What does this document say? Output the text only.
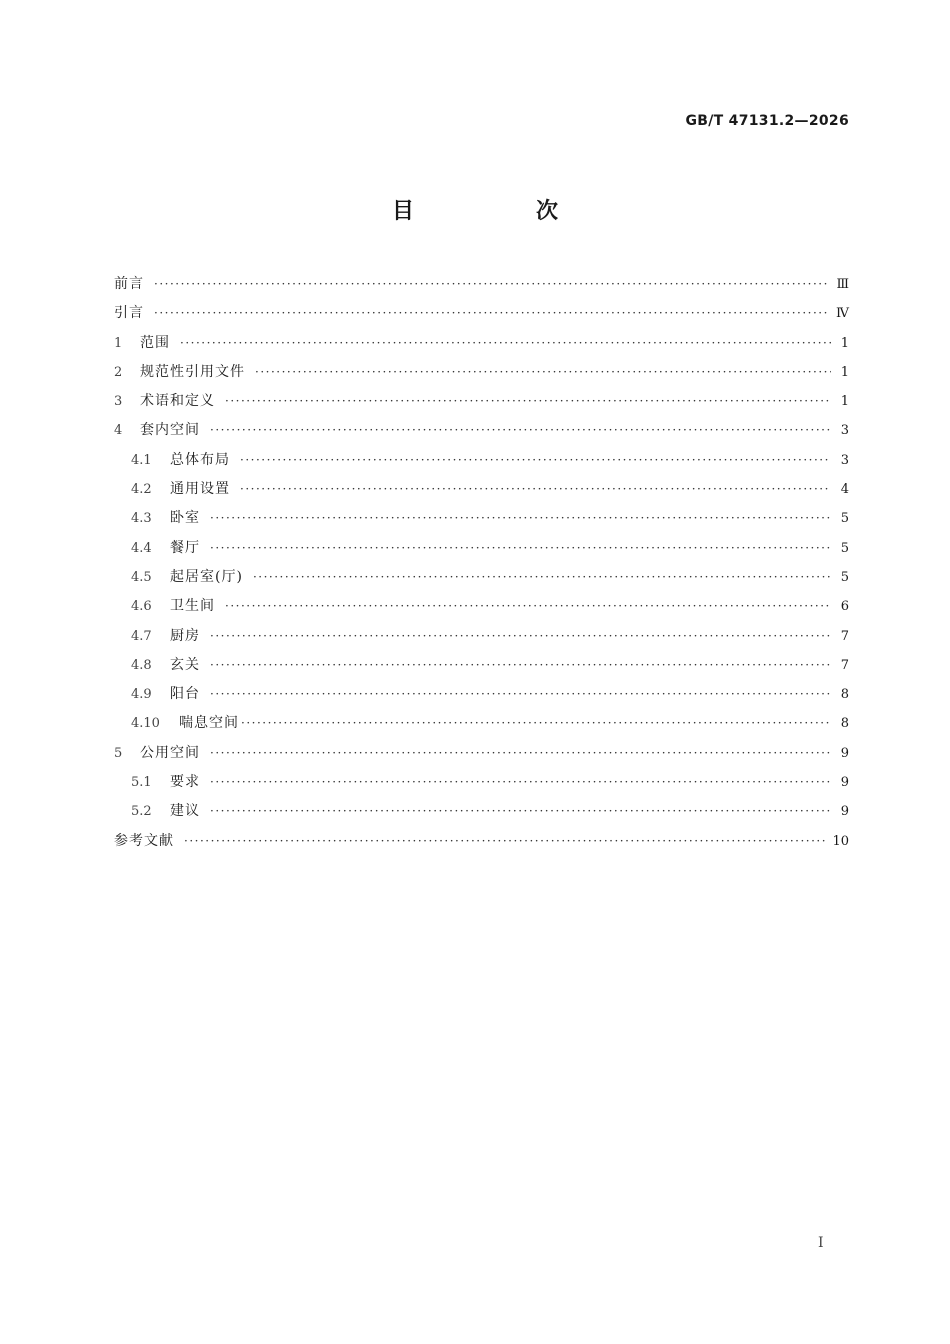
GB/T 47131.2—2026
目　次
前言 ·····	Ⅲ
引言 ·····	Ⅳ
1	范围 ·····	1
2	规范性引用文件 ·····	1
3	术语和定义 ·····	1
4	套内空间 ·····	3
4.1	总体布局 ·····	3
4.2	通用设置 ·····	4
4.3	卧室 ·····	5
4.4	餐厅 ·····	5
4.5	起居室(厅) ·····	5
4.6	卫生间 ·····	6
4.7	厨房 ·····	7
4.8	玄关 ·····	7
4.9	阳台 ·····	8
4.10	喘息空间 ·····	8
5	公用空间 ·····	9
5.1	要求 ·····	9
5.2	建议 ·····	9
参考文献 ·····	10
I
